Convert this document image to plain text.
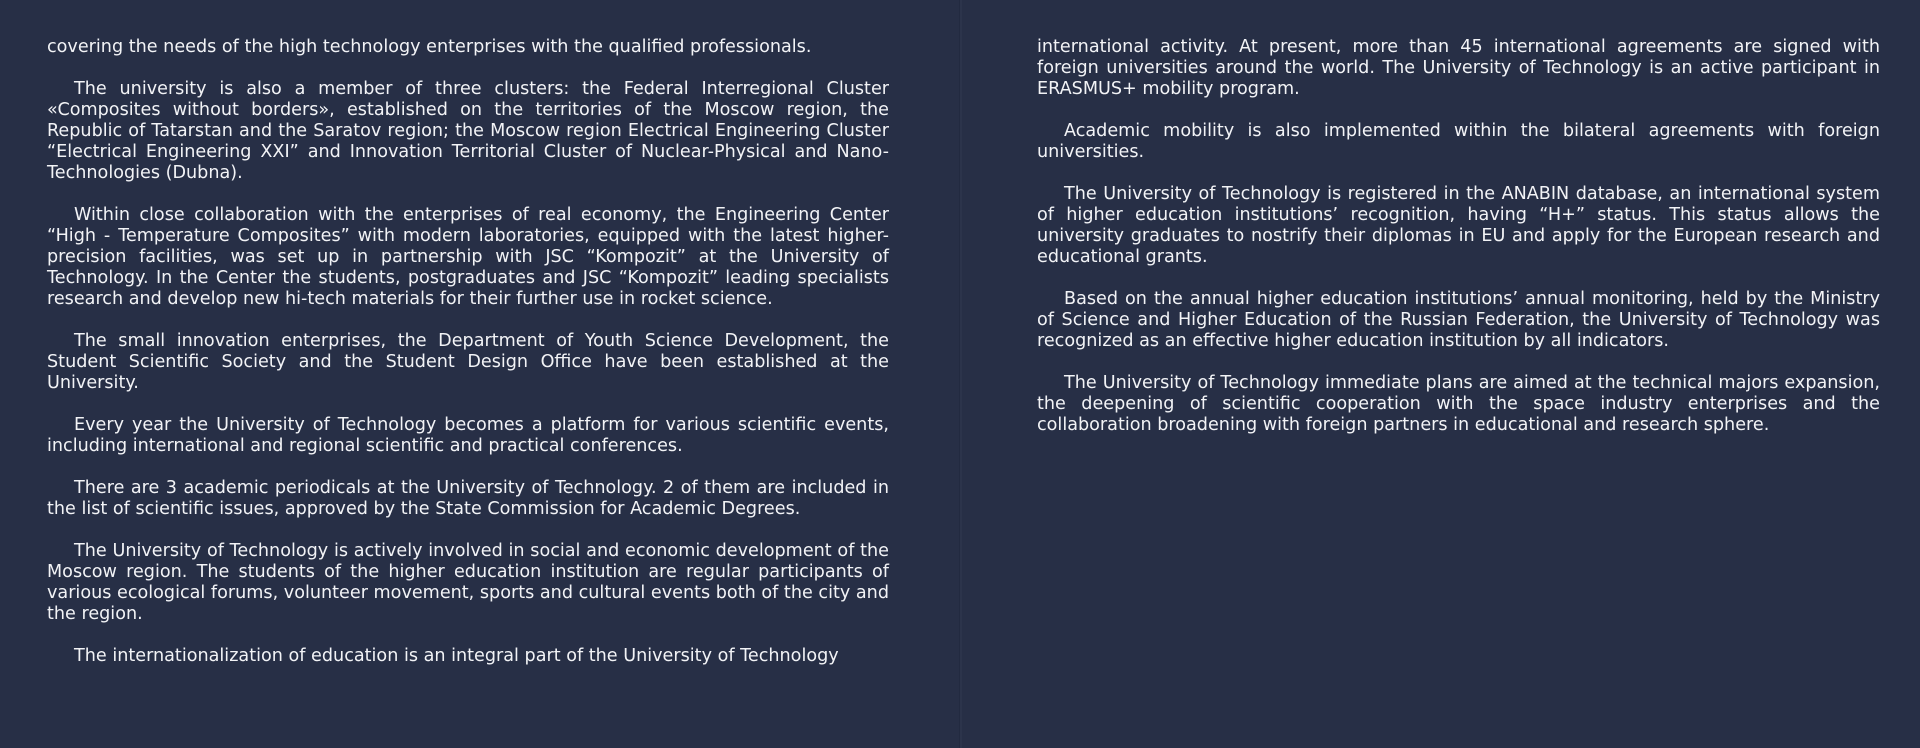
covering the needs of the high technology enterprises with the qualified professionals.

The university is also a member of three clusters: the Federal Interregional Cluster «Composites without borders», established on the territories of the Moscow region, the Republic of Tatarstan and the Saratov region; the Moscow region Electrical Engineering Cluster “Electrical Engineering XXI” and Innovation Territorial Cluster of Nuclear-Physical and Nano-Technologies (Dubna).

Within close collaboration with the enterprises of real economy, the Engineering Center “High - Temperature Composites” with modern laboratories, equipped with the latest higher-precision facilities, was set up in partnership with JSC “Kompozit” at the University of Technology. In the Center the students, postgraduates and JSC “Kompozit” leading specialists research and develop new hi-tech materials for their further use in rocket science.

The small innovation enterprises, the Department of Youth Science Development, the Student Scientific Society and the Student Design Office have been established at the University.

Every year the University of Technology becomes a platform for various scientific events, including international and regional scientific and practical conferences.

There are 3 academic periodicals at the University of Technology. 2 of them are included in the list of scientific issues, approved by the State Commission for Academic Degrees.

The University of Technology is actively involved in social and economic development of the Moscow region. The students of the higher education institution are regular participants of various ecological forums, volunteer movement, sports and cultural events both of the city and the region.

The internationalization of education is an integral part of the University of Technology

international activity. At present, more than 45 international agreements are signed with foreign universities around the world. The University of Technology is an active participant in ERASMUS+ mobility program.

Academic mobility is also implemented within the bilateral agreements with foreign universities.

The University of Technology is registered in the ANABIN database, an international system of higher education institutions’ recognition, having “H+” status. This status allows the university graduates to nostrify their diplomas in EU and apply for the European research and educational grants.

Based on the annual higher education institutions’ annual monitoring, held by the Ministry of Science and Higher Education of the Russian Federation, the University of Technology was recognized as an effective higher education institution by all indicators.

The University of Technology immediate plans are aimed at the technical majors expansion, the deepening of scientific cooperation with the space industry enterprises and the collaboration broadening with foreign partners in educational and research sphere.
